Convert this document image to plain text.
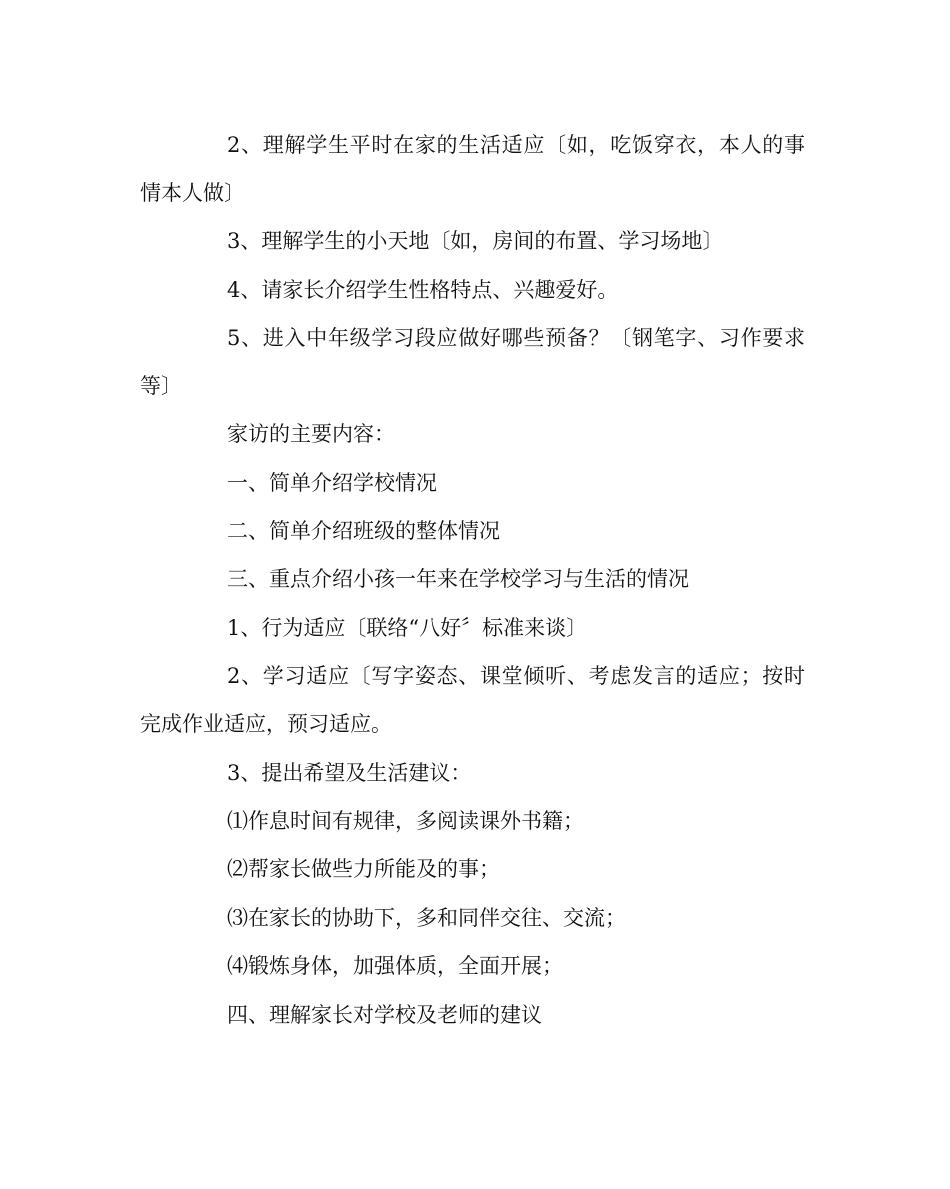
2、理解学生平时在家的生活适应〔如，吃饭穿衣，本人的事情本人做〕

3、理解学生的小天地〔如，房间的布置、学习场地〕

4、请家长介绍学生性格特点、兴趣爱好。

5、进入中年级学习段应做好哪些预备？〔钢笔字、习作要求等〕

家访的主要内容：

一、简单介绍学校情况

二、简单介绍班级的整体情况

三、重点介绍小孩一年来在学校学习与生活的情况

1、行为适应〔联络“八好〞标准来谈〕

2、学习适应〔写字姿态、课堂倾听、考虑发言的适应；按时完成作业适应，预习适应。

3、提出希望及生活建议：

⑴作息时间有规律，多阅读课外书籍；

⑵帮家长做些力所能及的事；

⑶在家长的协助下，多和同伴交往、交流；

⑷锻炼身体，加强体质，全面开展；

四、理解家长对学校及老师的建议
